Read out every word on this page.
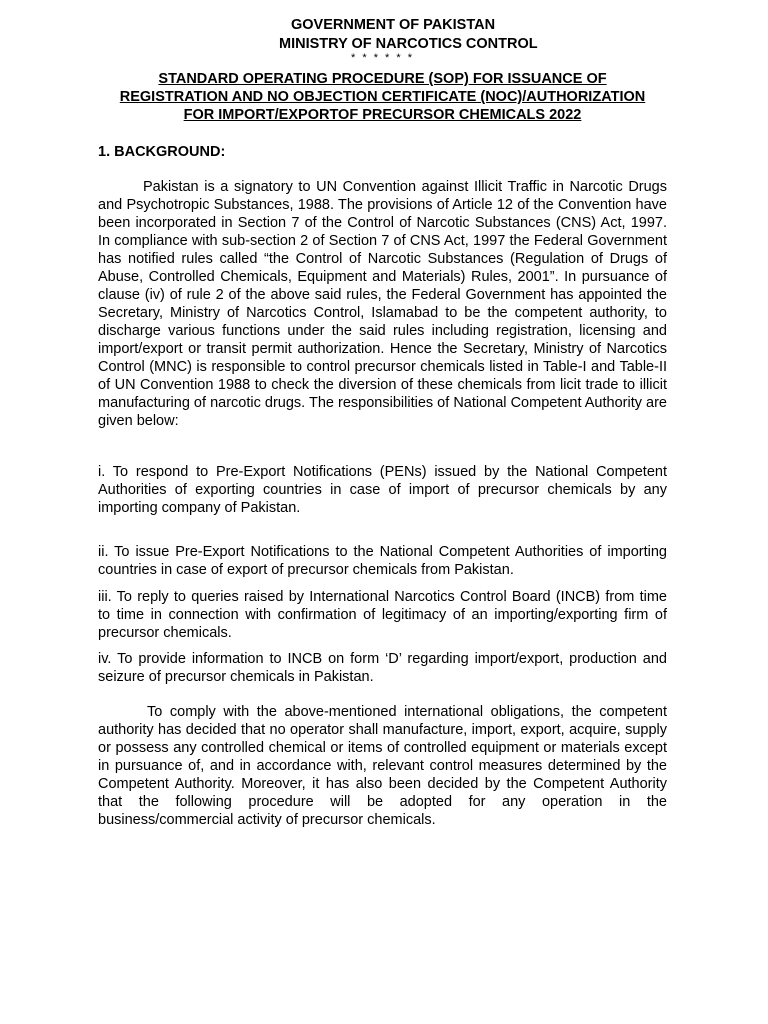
GOVERNMENT OF PAKISTAN
MINISTRY OF NARCOTICS CONTROL
* * * * * *
STANDARD OPERATING PROCEDURE (SOP) FOR ISSUANCE OF
REGISTRATION AND NO OBJECTION CERTIFICATE (NOC)/AUTHORIZATION
FOR IMPORT/EXPORTOF PRECURSOR CHEMICALS 2022
1. BACKGROUND:
Pakistan is a signatory to UN Convention against Illicit Traffic in Narcotic Drugs and Psychotropic Substances, 1988. The provisions of Article 12 of the Convention have been incorporated in Section 7 of the Control of Narcotic Substances (CNS) Act, 1997. In compliance with sub-section 2 of Section 7 of CNS Act, 1997 the Federal Government has notified rules called “the Control of Narcotic Substances (Regulation of Drugs of Abuse, Controlled Chemicals, Equipment and Materials) Rules, 2001”. In pursuance of clause (iv) of rule 2 of the above said rules, the Federal Government has appointed the Secretary, Ministry of Narcotics Control, Islamabad to be the competent authority, to discharge various functions under the said rules including registration, licensing and import/export or transit permit authorization. Hence the Secretary, Ministry of Narcotics Control (MNC) is responsible to control precursor chemicals listed in Table-I and Table-II of UN Convention 1988 to check the diversion of these chemicals from licit trade to illicit manufacturing of narcotic drugs. The responsibilities of National Competent Authority are given below:
i. To respond to Pre-Export Notifications (PENs) issued by the National Competent Authorities of exporting countries in case of import of precursor chemicals by any importing company of Pakistan.
ii. To issue Pre-Export Notifications to the National Competent Authorities of importing countries in case of export of precursor chemicals from Pakistan.
iii. To reply to queries raised by International Narcotics Control Board (INCB) from time to time in connection with confirmation of legitimacy of an importing/exporting firm of precursor chemicals.
iv. To provide information to INCB on form ‘D’ regarding import/export, production and seizure of precursor chemicals in Pakistan.
To comply with the above-mentioned international obligations, the competent authority has decided that no operator shall manufacture, import, export, acquire, supply or possess any controlled chemical or items of controlled equipment or materials except in pursuance of, and in accordance with, relevant control measures determined by the Competent Authority. Moreover, it has also been decided by the Competent Authority that the following procedure will be adopted for any operation in the business/commercial activity of precursor chemicals.
